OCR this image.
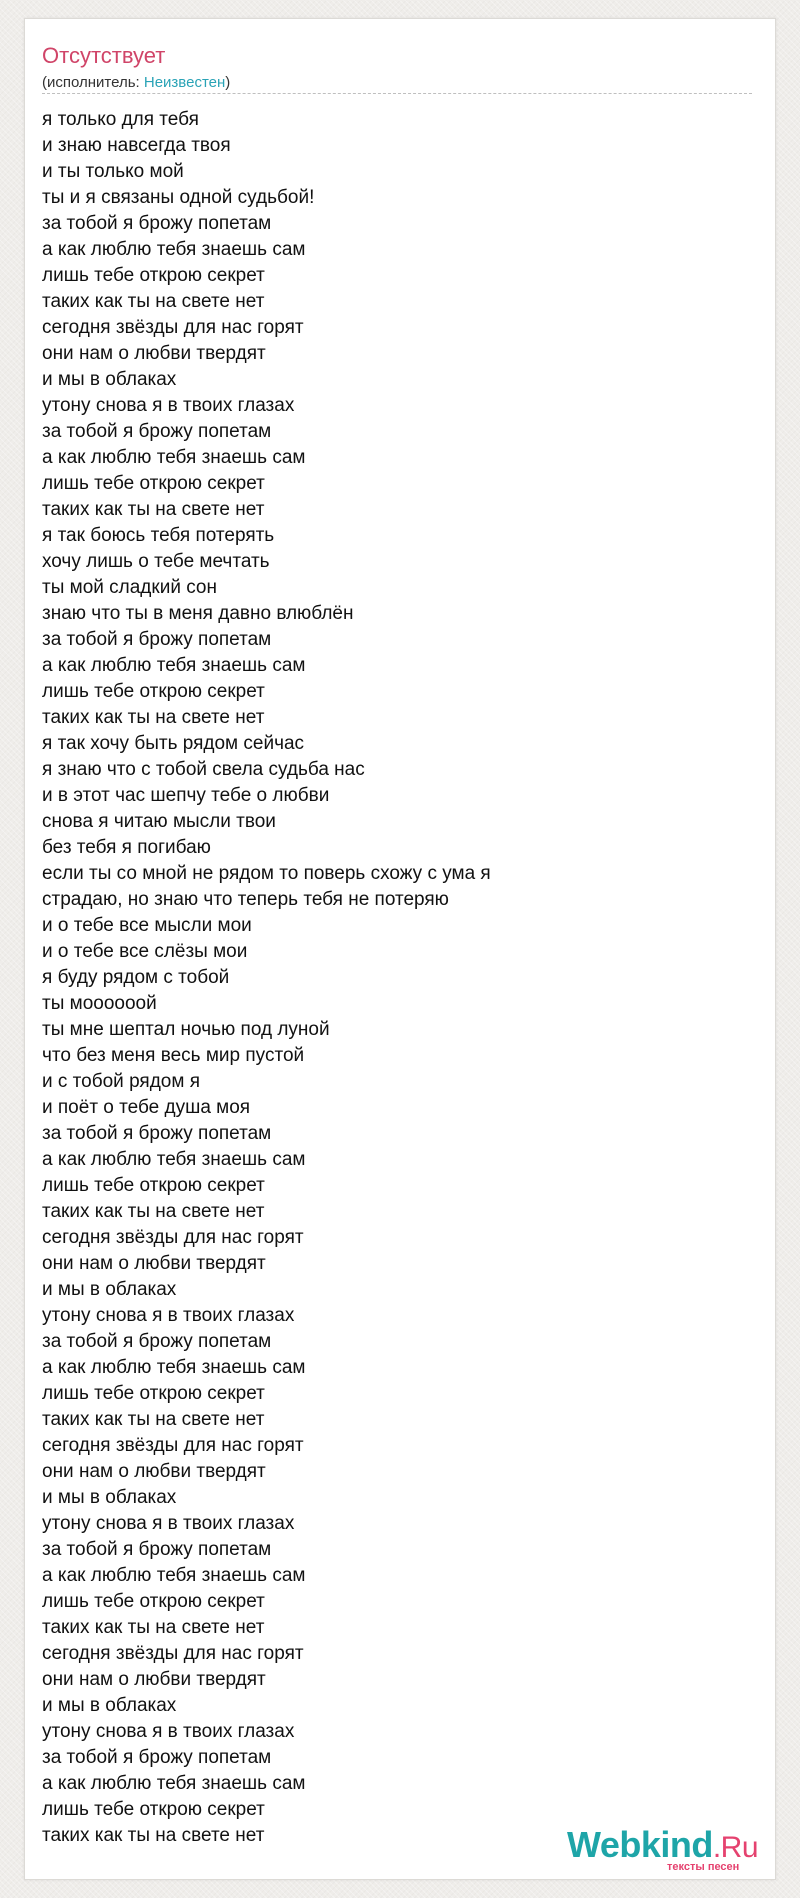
Отсутствует
(исполнитель: Неизвестен)
я только для тебя
и знаю навсегда твоя
и ты только мой
ты и я связаны одной судьбой!
за тобой я брожу попетам
а как люблю тебя знаешь сам
лишь тебе открою секрет
таких как ты на свете нет
сегодня звёзды для нас горят
они нам о любви твердят
и мы в облаках
утону снова я в твоих глазах
за тобой я брожу попетам
а как люблю тебя знаешь сам
лишь тебе открою секрет
таких как ты на свете нет
я так боюсь тебя потерять
хочу лишь о тебе мечтать
ты мой сладкий сон
знаю что ты в меня давно влюблён
за тобой я брожу попетам
а как люблю тебя знаешь сам
лишь тебе открою секрет
таких как ты на свете нет
я так хочу быть рядом сейчас
я знаю что с тобой свела судьба нас
и в этот час шепчу тебе о любви
снова я читаю мысли твои
без тебя я погибаю
если ты со мной не рядом то поверь схожу с ума я
страдаю, но знаю что теперь тебя не потеряю
и о тебе все мысли мои
и о тебе все слёзы мои
я буду рядом с тобой
ты моооооой
ты мне шептал ночью под луной
что без меня весь мир пустой
и с тобой рядом я
и поёт о тебе душа моя
за тобой я брожу попетам
а как люблю тебя знаешь сам
лишь тебе открою секрет
таких как ты на свете нет
сегодня звёзды для нас горят
они нам о любви твердят
и мы в облаках
утону снова я в твоих глазах
за тобой я брожу попетам
а как люблю тебя знаешь сам
лишь тебе открою секрет
таких как ты на свете нет
сегодня звёзды для нас горят
они нам о любви твердят
и мы в облаках
утону снова я в твоих глазах
за тобой я брожу попетам
а как люблю тебя знаешь сам
лишь тебе открою секрет
таких как ты на свете нет
сегодня звёзды для нас горят
они нам о любви твердят
и мы в облаках
утону снова я в твоих глазах
за тобой я брожу попетам
а как люблю тебя знаешь сам
лишь тебе открою секрет
таких как ты на свете нет	Webkind.Ru
тексты песен
